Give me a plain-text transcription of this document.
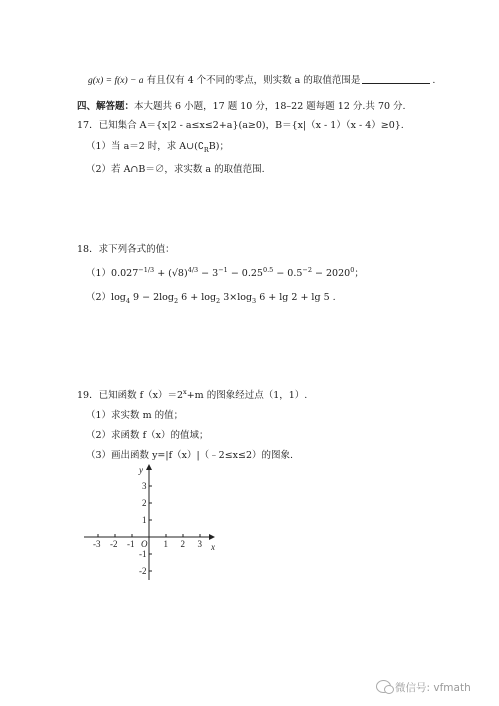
g(x) = f(x) − a 有且仅有 4 个不同的零点，则实数 a 的取值范围是	.
四、解答题：本大题共 6 小题，17 题 10 分，18–22 题每题 12 分.共 70 分.
17．已知集合 A＝{x|2 - a≤x≤2+a}(a≥0)，B＝{x|（x - 1）（x - 4）≥0}.
（1）当 a＝2 时，求 $A\cup(∁_RB)$；
（2）若 A∩B＝∅，求实数 a 的取值范围.
18．求下列各式的值：
$(1)0.027^{-1/3} + (√8)^{4/3} - 3^{-1} - 0.25^{0.5} - 0.5^{-2} - 2020^0$；
$(2)\log_4$ $9 - 2\log_2$ $6 + \log_2 3\times\log_3$ 6 + lg 2 + lg 5 .
19．已知函数 $f(x)=2^x+m$ 的图象经过点（1，1）.
（1）求实数 m 的值；
（2）求函数 f（x）的值域；
（3）画出函数 y=|f（x）|（﹣2≤x≤2）的图象.
-3 -2 -1	1 2 3
3
2
1
-1
-2
O	x
y
微信号: vfmath
